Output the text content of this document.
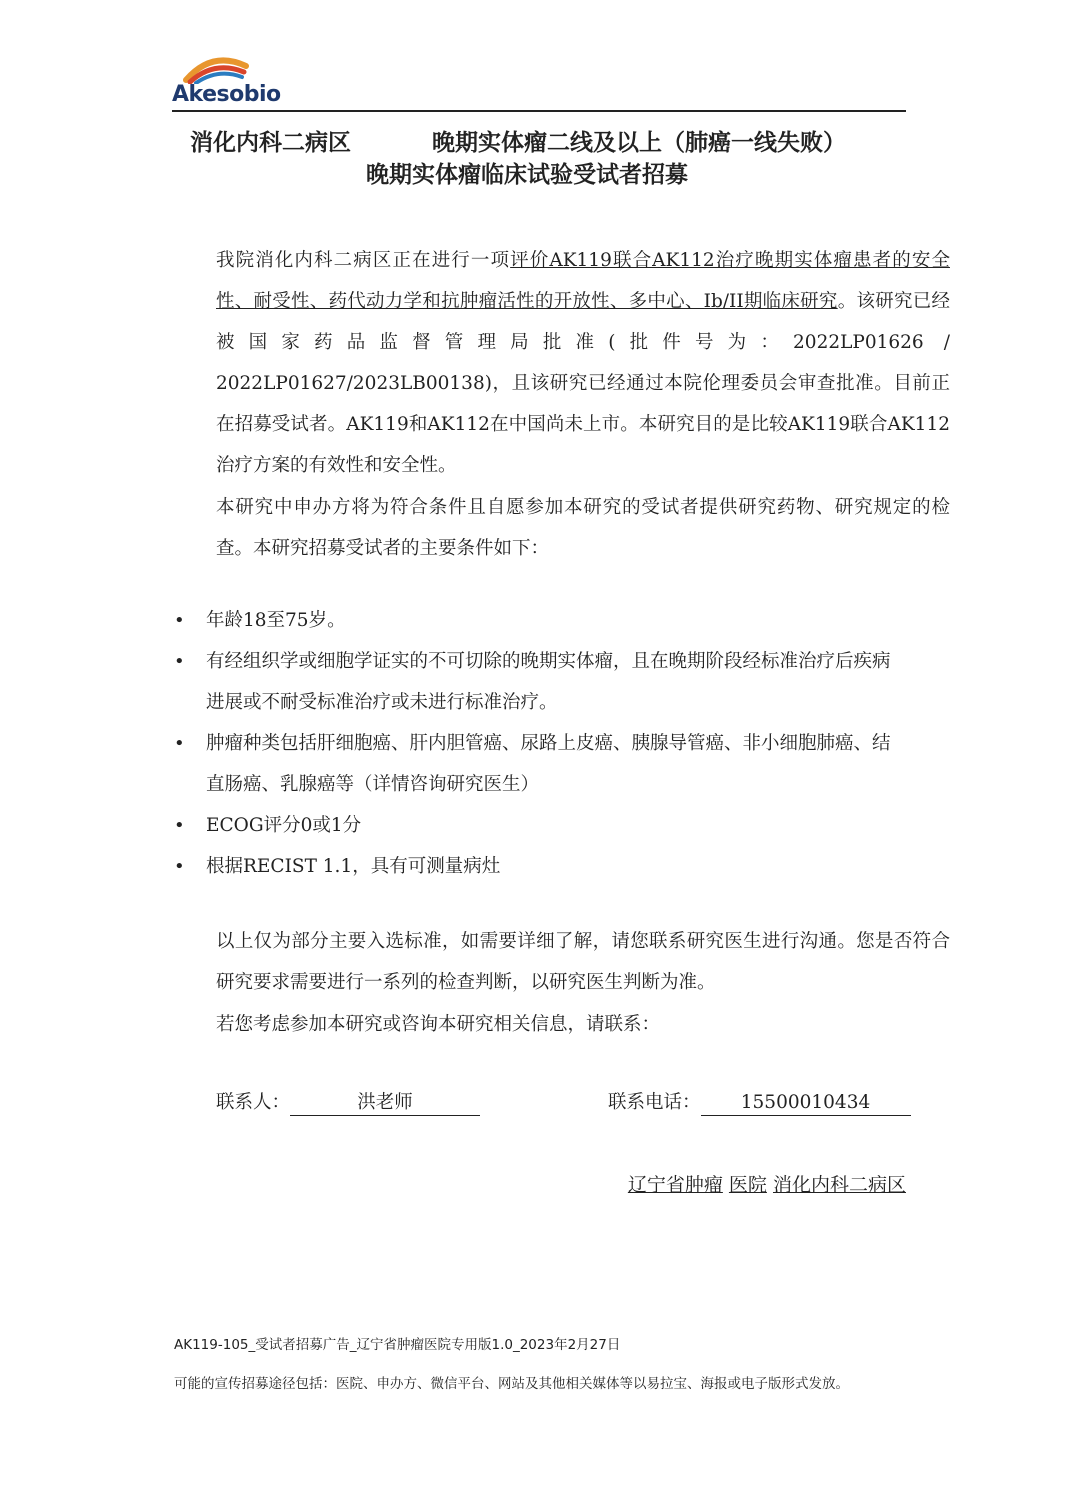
Akesobio
消化内科二病区	晚期实体瘤二线及以上（肺癌一线失败）
晚期实体瘤临床试验受试者招募
我院消化内科二病区正在进行一项评价AK119联合AK112治疗晚期实体瘤患者的安全性、耐受性、药代动力学和抗肿瘤活性的开放性、多中心、Ib/II期临床研究。该研究已经被国家药品监督管理局批准(批件号为：2022LP01626 / 2022LP01627/2023LB00138)，且该研究已经通过本院伦理委员会审查批准。目前正在招募受试者。AK119和AK112在中国尚未上市。本研究目的是比较AK119联合AK112治疗方案的有效性和安全性。
本研究中申办方将为符合条件且自愿参加本研究的受试者提供研究药物、研究规定的检查。本研究招募受试者的主要条件如下：
• 年龄18至75岁。
• 有经组织学或细胞学证实的不可切除的晚期实体瘤，且在晚期阶段经标准治疗后疾病进展或不耐受标准治疗或未进行标准治疗。
• 肿瘤种类包括肝细胞癌、肝内胆管癌、尿路上皮癌、胰腺导管癌、非小细胞肺癌、结直肠癌、乳腺癌等（详情咨询研究医生）
• ECOG评分0或1分
• 根据RECIST 1.1，具有可测量病灶
以上仅为部分主要入选标准，如需要详细了解，请您联系研究医生进行沟通。您是否符合研究要求需要进行一系列的检查判断，以研究医生判断为准。
若您考虑参加本研究或咨询本研究相关信息，请联系：
联系人：	洪老师	联系电话： 15500010434
辽宁省肿瘤 医院 消化内科二病区
AK119-105_受试者招募广告_辽宁省肿瘤医院专用版1.0_2023年2月27日
可能的宣传招募途径包括：医院、申办方、微信平台、网站及其他相关媒体等以易拉宝、海报或电子版形式发放。
